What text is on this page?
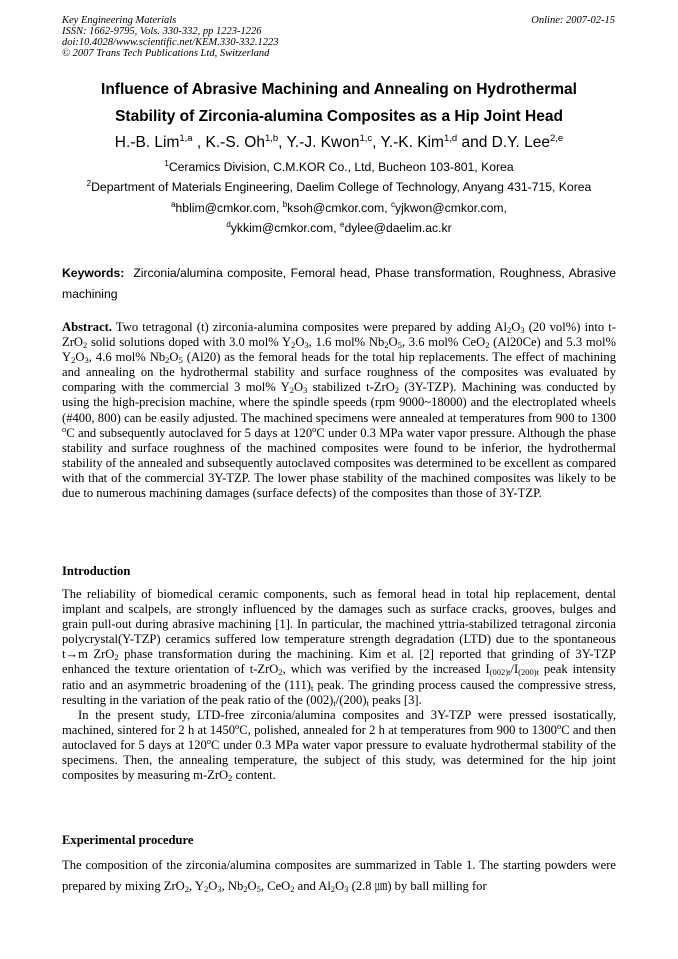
Key Engineering Materials
ISSN: 1662-9795, Vols. 330-332, pp 1223-1226
doi:10.4028/www.scientific.net/KEM.330-332.1223
© 2007 Trans Tech Publications Ltd, Switzerland
Online: 2007-02-15
Influence of Abrasive Machining and Annealing on Hydrothermal
Stability of Zirconia-alumina Composites as a Hip Joint Head
H.-B. Lim$^{1,a}$ , K.-S. Oh$^{1,b}$, Y.-J. Kwon$^{1,c}$, Y.-K. Kim$^{1,d}$ and D.Y. Lee$^{2,e}$
$^1$Ceramics Division, C.M.KOR Co., Ltd, Bucheon 103-801, Korea
$^2$Department of Materials Engineering, Daelim College of Technology, Anyang 431-715, Korea
$^a$hblim@cmkor.com, $^b$ksoh@cmkor.com, $^c$yjkwon@cmkor.com,
$^d$ykkim@cmkor.com, $^e$dylee@daelim.ac.kr
Keywords: Zirconia/alumina composite, Femoral head, Phase transformation, Roughness, Abrasive machining
Abstract. Two tetragonal (t) zirconia-alumina composites were prepared by adding $Al_2O_3$ (20 vol%) into t-ZrO$_2$ solid solutions doped with 3.0 mol% $Y_2O_3$, 1.6 mol% $Nb_2O_5$, 3.6 mol% CeO$_2$ (Al20Ce) and 5.3 mol% $Y_2O_3$, 4.6 mol% $Nb_2O_5$ (Al20) as the femoral heads for the total hip replacements. The effect of machining and annealing on the hydrothermal stability and surface roughness of the composites was evaluated by comparing with the commercial 3 mol% $Y_2O_3$ stabilized t-ZrO$_2$ (3Y-TZP). Machining was conducted by using the high-precision machine, where the spindle speeds (rpm 9000~18000) and the electroplated wheels (#400, 800) can be easily adjusted. The machined specimens were annealed at temperatures from 900 to 1300 $^o$C and subsequently autoclaved for 5 days at 120$^o$C under 0.3 MPa water vapor pressure. Although the phase stability and surface roughness of the machined composites were found to be inferior, the hydrothermal stability of the annealed and subsequently autoclaved composites was determined to be excellent as compared with that of the commercial 3Y-TZP. The lower phase stability of the machined composites was likely to be due to numerous machining damages (surface defects) of the composites than those of 3Y-TZP.
Introduction

The reliability of biomedical ceramic components, such as femoral head in total hip replacement, dental implant and scalpels, are strongly influenced by the damages such as surface cracks, grooves, bulges and grain pull-out during abrasive machining [1]. In particular, the machined yttria-stabilized tetragonal zirconia polycrystal(Y-TZP) ceramics suffered low temperature strength degradation (LTD) due to the spontaneous t→m ZrO$_2$ phase transformation during the machining. Kim et al. [2] reported that grinding of 3Y-TZP enhanced the texture orientation of t-ZrO$_2$, which was verified by the increased $I_{(002)t}/I_{(200)t}$ peak intensity ratio and an asymmetric broadening of the $(111)_t$ peak. The grinding process caused the compressive stress, resulting in the variation of the peak ratio of the $(002)_t/(200)_t$ peaks [3].

In the present study, LTD-free zirconia/alumina composites and 3Y-TZP were pressed isostatically, machined, sintered for 2 h at 1450$^o$C, polished, annealed for 2 h at temperatures from 900 to 1300$^o$C and then autoclaved for 5 days at 120$^o$C under 0.3 MPa water vapor pressure to evaluate hydrothermal stability of the specimens. Then, the annealing temperature, the subject of this study, was determined for the hip joint composites by measuring m-ZrO$_2$ content.

Experimental procedure
The composition of the zirconia/alumina composites are summarized in Table 1. The starting powders were prepared by mixing ZrO$_2$, $Y_2O_3$, $Nb_2O_5$, CeO$_2$ and $Al_2O_3$ (2.8 ㎛) by ball milling for
